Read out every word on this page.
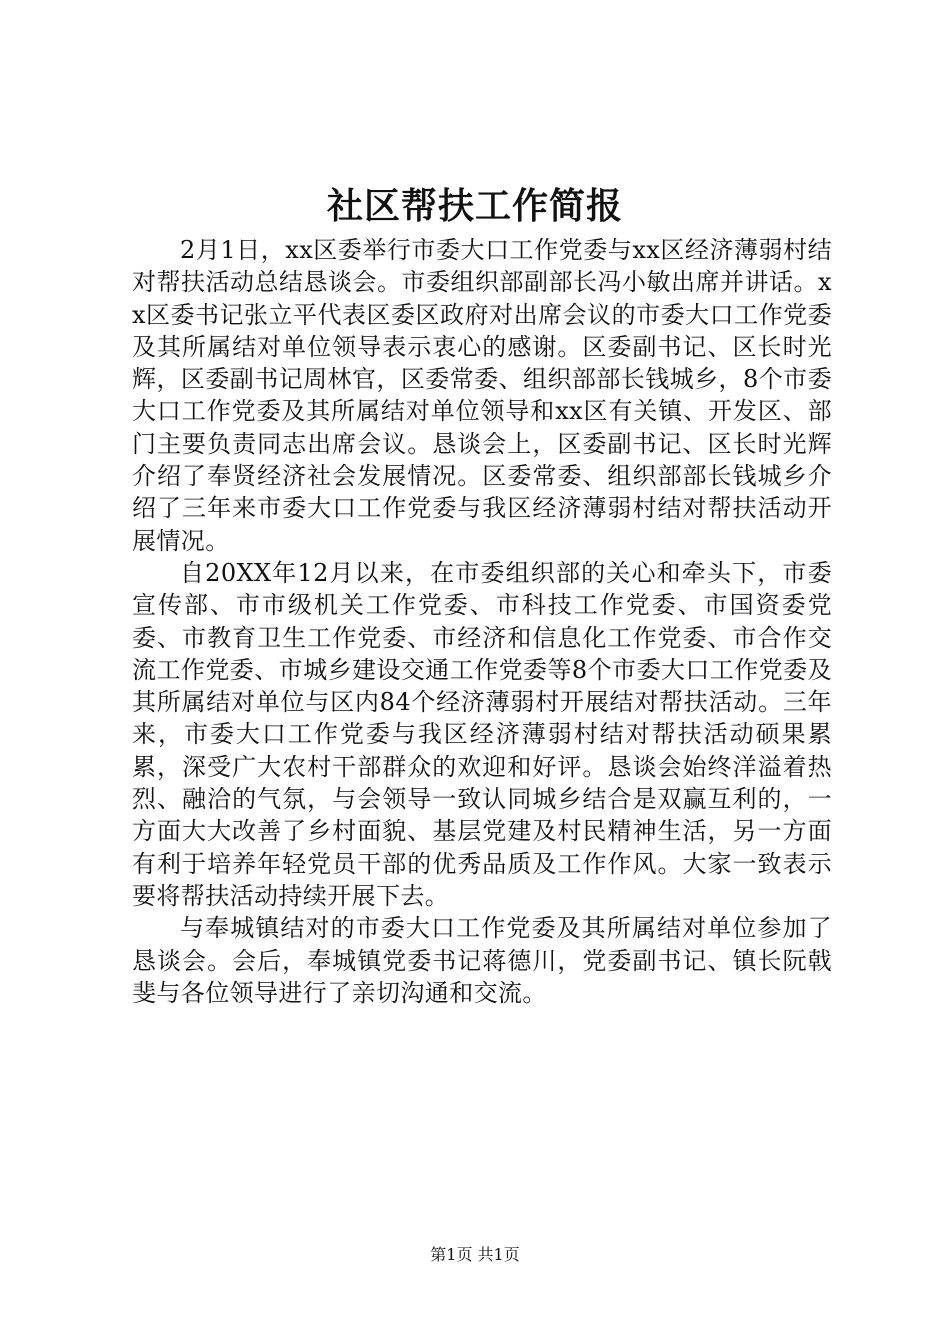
社区帮扶工作简报

2月1日，xx区委举行市委大口工作党委与xx区经济薄弱村结对帮扶活动总结恳谈会。市委组织部副部长冯小敏出席并讲话。xx区委书记张立平代表区委区政府对出席会议的市委大口工作党委及其所属结对单位领导表示衷心的感谢。区委副书记、区长时光辉，区委副书记周林官，区委常委、组织部部长钱城乡，8个市委大口工作党委及其所属结对单位领导和xx区有关镇、开发区、部门主要负责同志出席会议。恳谈会上，区委副书记、区长时光辉介绍了奉贤经济社会发展情况。区委常委、组织部部长钱城乡介绍了三年来市委大口工作党委与我区经济薄弱村结对帮扶活动开展情况。

自20XX年12月以来，在市委组织部的关心和牵头下，市委宣传部、市市级机关工作党委、市科技工作党委、市国资委党委、市教育卫生工作党委、市经济和信息化工作党委、市合作交流工作党委、市城乡建设交通工作党委等8个市委大口工作党委及其所属结对单位与区内84个经济薄弱村开展结对帮扶活动。三年来，市委大口工作党委与我区经济薄弱村结对帮扶活动硕果累累，深受广大农村干部群众的欢迎和好评。恳谈会始终洋溢着热烈、融洽的气氛，与会领导一致认同城乡结合是双赢互利的，一方面大大改善了乡村面貌、基层党建及村民精神生活，另一方面有利于培养年轻党员干部的优秀品质及工作作风。大家一致表示要将帮扶活动持续开展下去。

与奉城镇结对的市委大口工作党委及其所属结对单位参加了恳谈会。会后，奉城镇党委书记蒋德川，党委副书记、镇长阮戟斐与各位领导进行了亲切沟通和交流。

第1页 共1页
